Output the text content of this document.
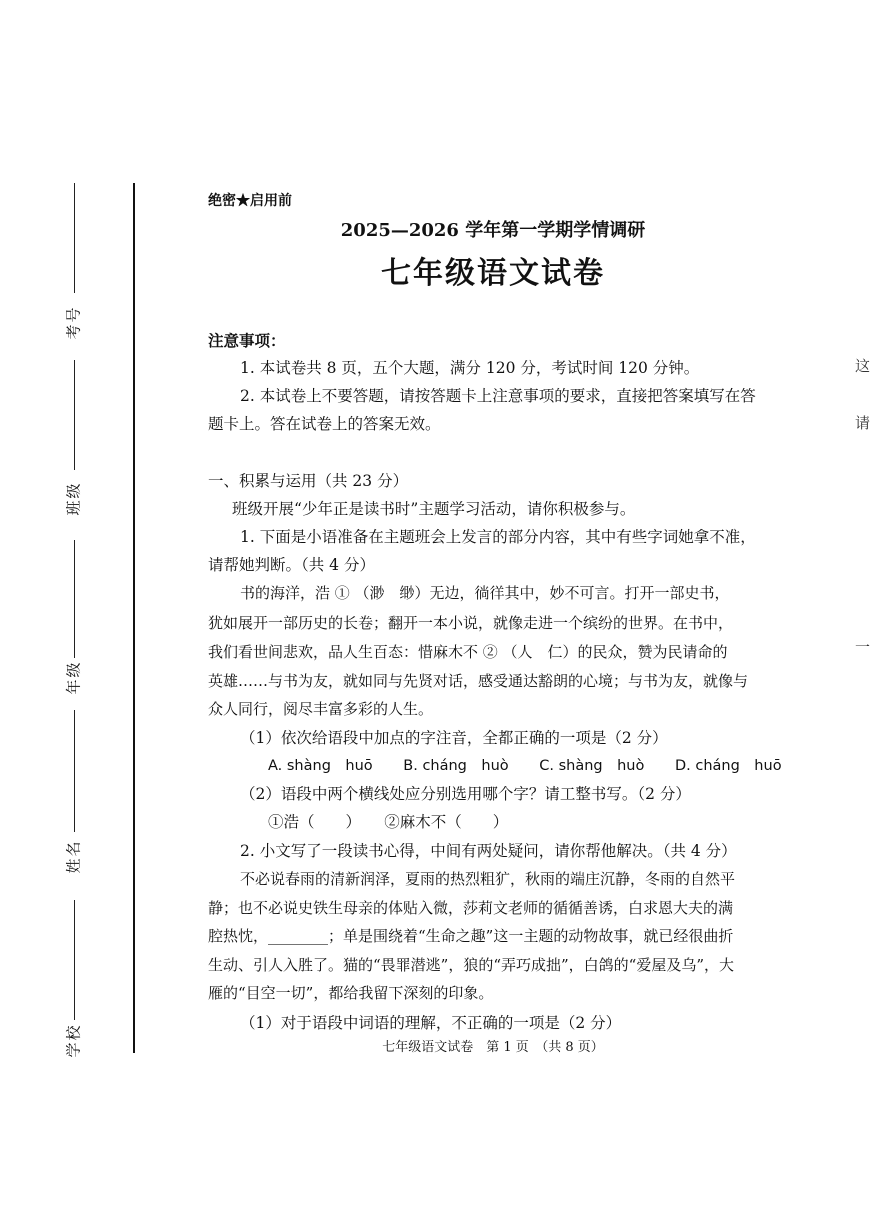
考号
班级
年级
姓名
学校
绝密★启用前
2025—2026 学年第一学期学情调研
七年级语文试卷
注意事项：
1. 本试卷共 8 页，五个大题，满分 120 分，考试时间 120 分钟。
2. 本试卷上不要答题，请按答题卡上注意事项的要求，直接把答案填写在答
题卡上。答在试卷上的答案无效。
一、积累与运用（共 23 分）
班级开展“少年正是读书时”主题学习活动，请你积极参与。
1. 下面是小语准备在主题班会上发言的部分内容，其中有些字词她拿不准，
请帮她判断。（共 4 分）
书的海洋，浩 ① （渺　缈）无边，徜徉其中，妙不可言。打开一部史书，
犹如展开一部历史的长卷；翻开一本小说，就像走进一个缤纷的世界。在书中，
我们看世间悲欢，品人生百态：惜麻木不 ② （人　仁）的民众，赞为民请命的
英雄……与书为友，就如同与先贤对话，感受通达豁朗的心境；与书为友，就像与
众人同行，阅尽丰富多彩的人生。
（1）依次给语段中加点的字注音，全都正确的一项是（2 分）
A. shàng　huō B. cháng　huò C. shàng　huò D. cháng　huō
（2）语段中两个横线处应分别选用哪个字？请工整书写。（2 分）
①浩（　　）　　②麻木不（　　）
2. 小文写了一段读书心得，中间有两处疑问，请你帮他解决。（共 4 分）
不必说春雨的清新润泽，夏雨的热烈粗犷，秋雨的端庄沉静，冬雨的自然平
静；也不必说史铁生母亲的体贴入微，莎莉文老师的循循善诱，白求恩大夫的满
腔热忱，________；单是围绕着“生命之趣”这一主题的动物故事，就已经很曲折
生动、引人入胜了。猫的“畏罪潜逃”，狼的“弄巧成拙”，白鸽的“爱屋及乌”，大
雁的“目空一切”，都给我留下深刻的印象。
（1）对于语段中词语的理解，不正确的一项是（2 分）
七年级语文试卷　第 1 页　（共 8 页）
这
请
一
